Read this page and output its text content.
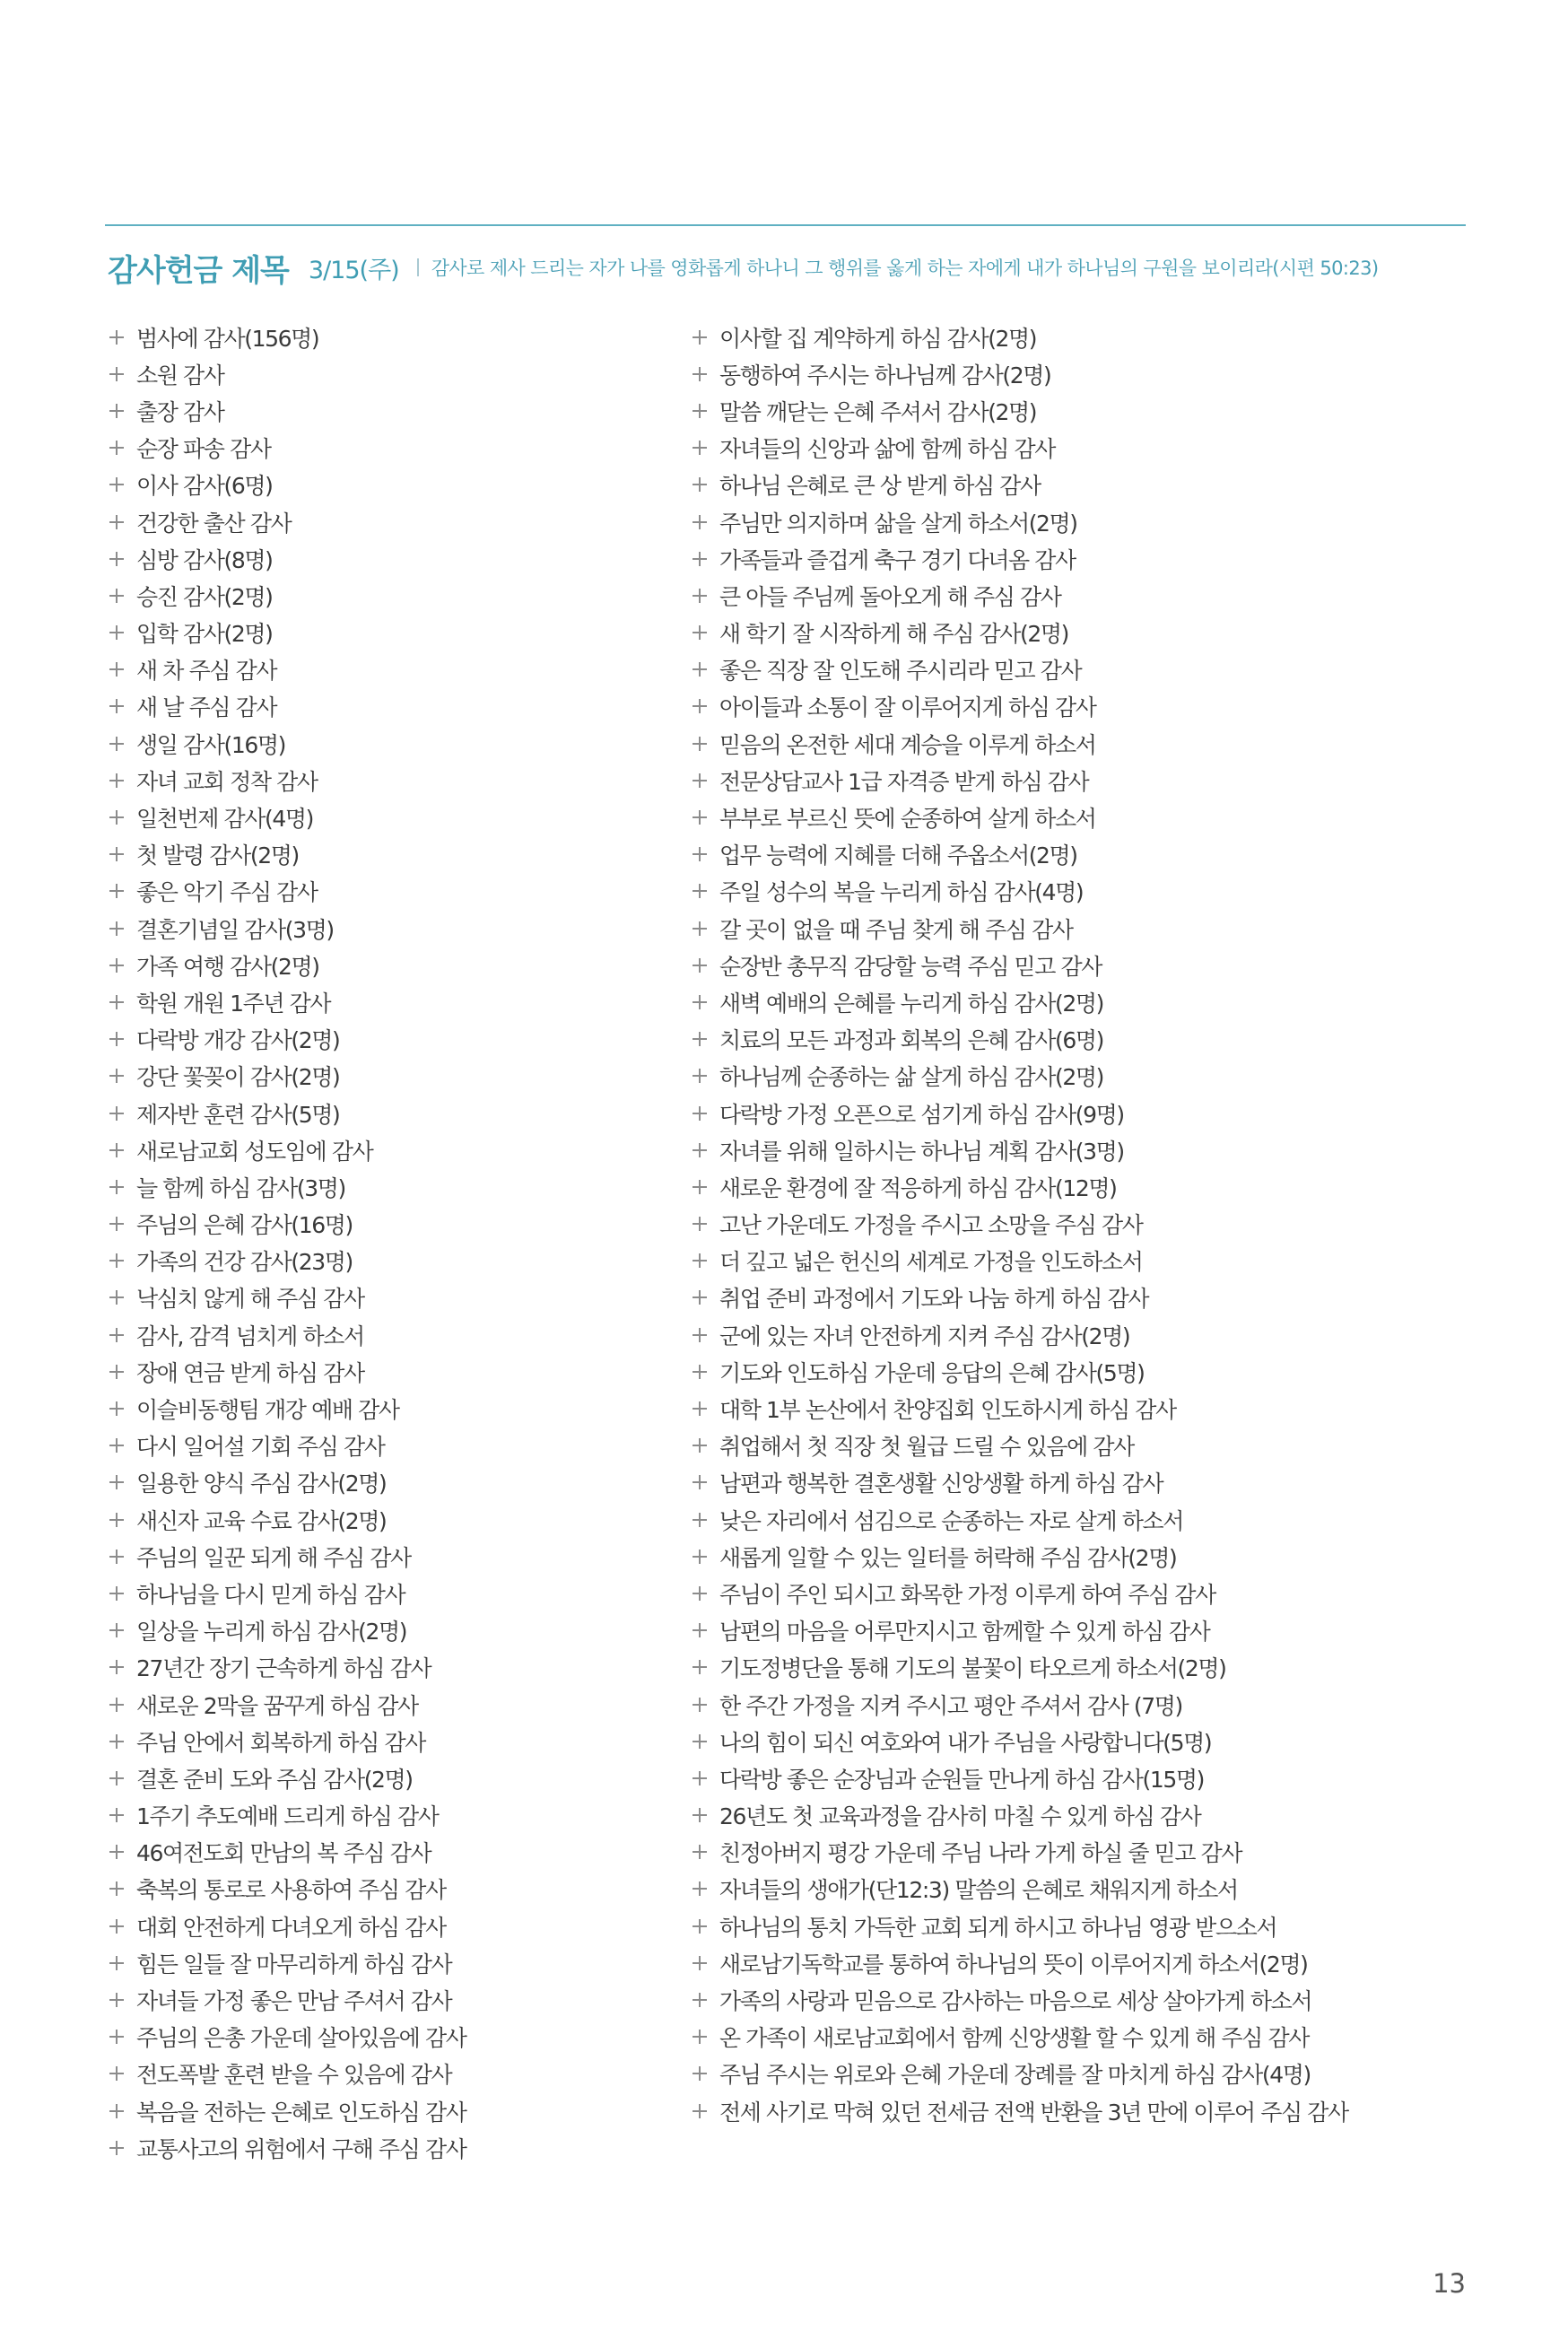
감사헌금 제목 3/15(주) 감사로 제사 드리는 자가 나를 영화롭게 하나니 그 행위를 옳게 하는 자에게 내가 하나님의 구원을 보이리라(시편 50:23)
범사에 감사(156명)
소원 감사
출장 감사
순장 파송 감사
이사 감사(6명)
건강한 출산 감사
심방 감사(8명)
승진 감사(2명)
입학 감사(2명)
새 차 주심 감사
새 날 주심 감사
생일 감사(16명)
자녀 교회 정착 감사
일천번제 감사(4명)
첫 발령 감사(2명)
좋은 악기 주심 감사
결혼기념일 감사(3명)
가족 여행 감사(2명)
학원 개원 1주년 감사
다락방 개강 감사(2명)
강단 꽃꽂이 감사(2명)
제자반 훈련 감사(5명)
새로남교회 성도임에 감사
늘 함께 하심 감사(3명)
주님의 은혜 감사(16명)
가족의 건강 감사(23명)
낙심치 않게 해 주심 감사
감사, 감격 넘치게 하소서
장애 연금 받게 하심 감사
이슬비동행팀 개강 예배 감사
다시 일어설 기회 주심 감사
일용한 양식 주심 감사(2명)
새신자 교육 수료 감사(2명)
주님의 일꾼 되게 해 주심 감사
하나님을 다시 믿게 하심 감사
일상을 누리게 하심 감사(2명)
27년간 장기 근속하게 하심 감사
새로운 2막을 꿈꾸게 하심 감사
주님 안에서 회복하게 하심 감사
결혼 준비 도와 주심 감사(2명)
1주기 추도예배 드리게 하심 감사
46여전도회 만남의 복 주심 감사
축복의 통로로 사용하여 주심 감사
대회 안전하게 다녀오게 하심 감사
힘든 일들 잘 마무리하게 하심 감사
자녀들 가정 좋은 만남 주셔서 감사
주님의 은총 가운데 살아있음에 감사
전도폭발 훈련 받을 수 있음에 감사
복음을 전하는 은혜로 인도하심 감사
교통사고의 위험에서 구해 주심 감사
이사할 집 계약하게 하심 감사(2명)
동행하여 주시는 하나님께 감사(2명)
말씀 깨닫는 은혜 주셔서 감사(2명)
자녀들의 신앙과 삶에 함께 하심 감사
하나님 은혜로 큰 상 받게 하심 감사
주님만 의지하며 삶을 살게 하소서(2명)
가족들과 즐겁게 축구 경기 다녀옴 감사
큰 아들 주님께 돌아오게 해 주심 감사
새 학기 잘 시작하게 해 주심 감사(2명)
좋은 직장 잘 인도해 주시리라 믿고 감사
아이들과 소통이 잘 이루어지게 하심 감사
믿음의 온전한 세대 계승을 이루게 하소서
전문상담교사 1급 자격증 받게 하심 감사
부부로 부르신 뜻에 순종하여 살게 하소서
업무 능력에 지혜를 더해 주옵소서(2명)
주일 성수의 복을 누리게 하심 감사(4명)
갈 곳이 없을 때 주님 찾게 해 주심 감사
순장반 총무직 감당할 능력 주심 믿고 감사
새벽 예배의 은혜를 누리게 하심 감사(2명)
치료의 모든 과정과 회복의 은혜 감사(6명)
하나님께 순종하는 삶 살게 하심 감사(2명)
다락방 가정 오픈으로 섬기게 하심 감사(9명)
자녀를 위해 일하시는 하나님 계획 감사(3명)
새로운 환경에 잘 적응하게 하심 감사(12명)
고난 가운데도 가정을 주시고 소망을 주심 감사
더 깊고 넓은 헌신의 세계로 가정을 인도하소서
취업 준비 과정에서 기도와 나눔 하게 하심 감사
군에 있는 자녀 안전하게 지켜 주심 감사(2명)
기도와 인도하심 가운데 응답의 은혜 감사(5명)
대학 1부 논산에서 찬양집회 인도하시게 하심 감사
취업해서 첫 직장 첫 월급 드릴 수 있음에 감사
남편과 행복한 결혼생활 신앙생활 하게 하심 감사
낮은 자리에서 섬김으로 순종하는 자로 살게 하소서
새롭게 일할 수 있는 일터를 허락해 주심 감사(2명)
주님이 주인 되시고 화목한 가정 이루게 하여 주심 감사
남편의 마음을 어루만지시고 함께할 수 있게 하심 감사
기도정병단을 통해 기도의 불꽃이 타오르게 하소서(2명)
한 주간 가정을 지켜 주시고 평안 주셔서 감사 (7명)
나의 힘이 되신 여호와여 내가 주님을 사랑합니다(5명)
다락방 좋은 순장님과 순원들 만나게 하심 감사(15명)
26년도 첫 교육과정을 감사히 마칠 수 있게 하심 감사
친정아버지 평강 가운데 주님 나라 가게 하실 줄 믿고 감사
자녀들의 생애가(단12:3) 말씀의 은혜로 채워지게 하소서
하나님의 통치 가득한 교회 되게 하시고 하나님 영광 받으소서
새로남기독학교를 통하여 하나님의 뜻이 이루어지게 하소서(2명)
가족의 사랑과 믿음으로 감사하는 마음으로 세상 살아가게 하소서
온 가족이 새로남교회에서 함께 신앙생활 할 수 있게 해 주심 감사
주님 주시는 위로와 은혜 가운데 장례를 잘 마치게 하심 감사(4명)
전세 사기로 막혀 있던 전세금 전액 반환을 3년 만에 이루어 주심 감사
13
